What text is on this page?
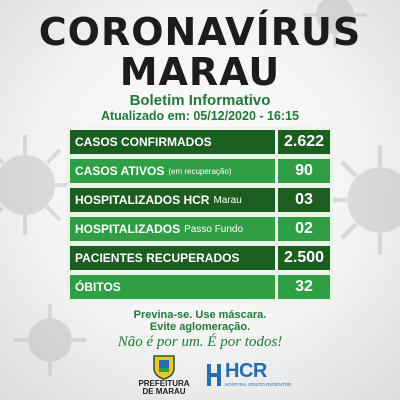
CORONAVÍRUS
MARAU
Boletim Informativo
Atualizado em: 05/12/2020 - 16:15
CASOS CONFIRMADOS	2.622
CASOS ATIVOS (em recuperação)	90
HOSPITALIZADOS HCR Marau	03
HOSPITALIZADOS Passo Fundo	02
PACIENTES RECUPERADOS	2.500
ÓBITOS	32
Previna-se. Use máscara.
Evite aglomeração.
Não é por um. É por todos!
PREFEITURA
DE MARAU
HCR
HOSPITAL CRISTO REDENTOR
